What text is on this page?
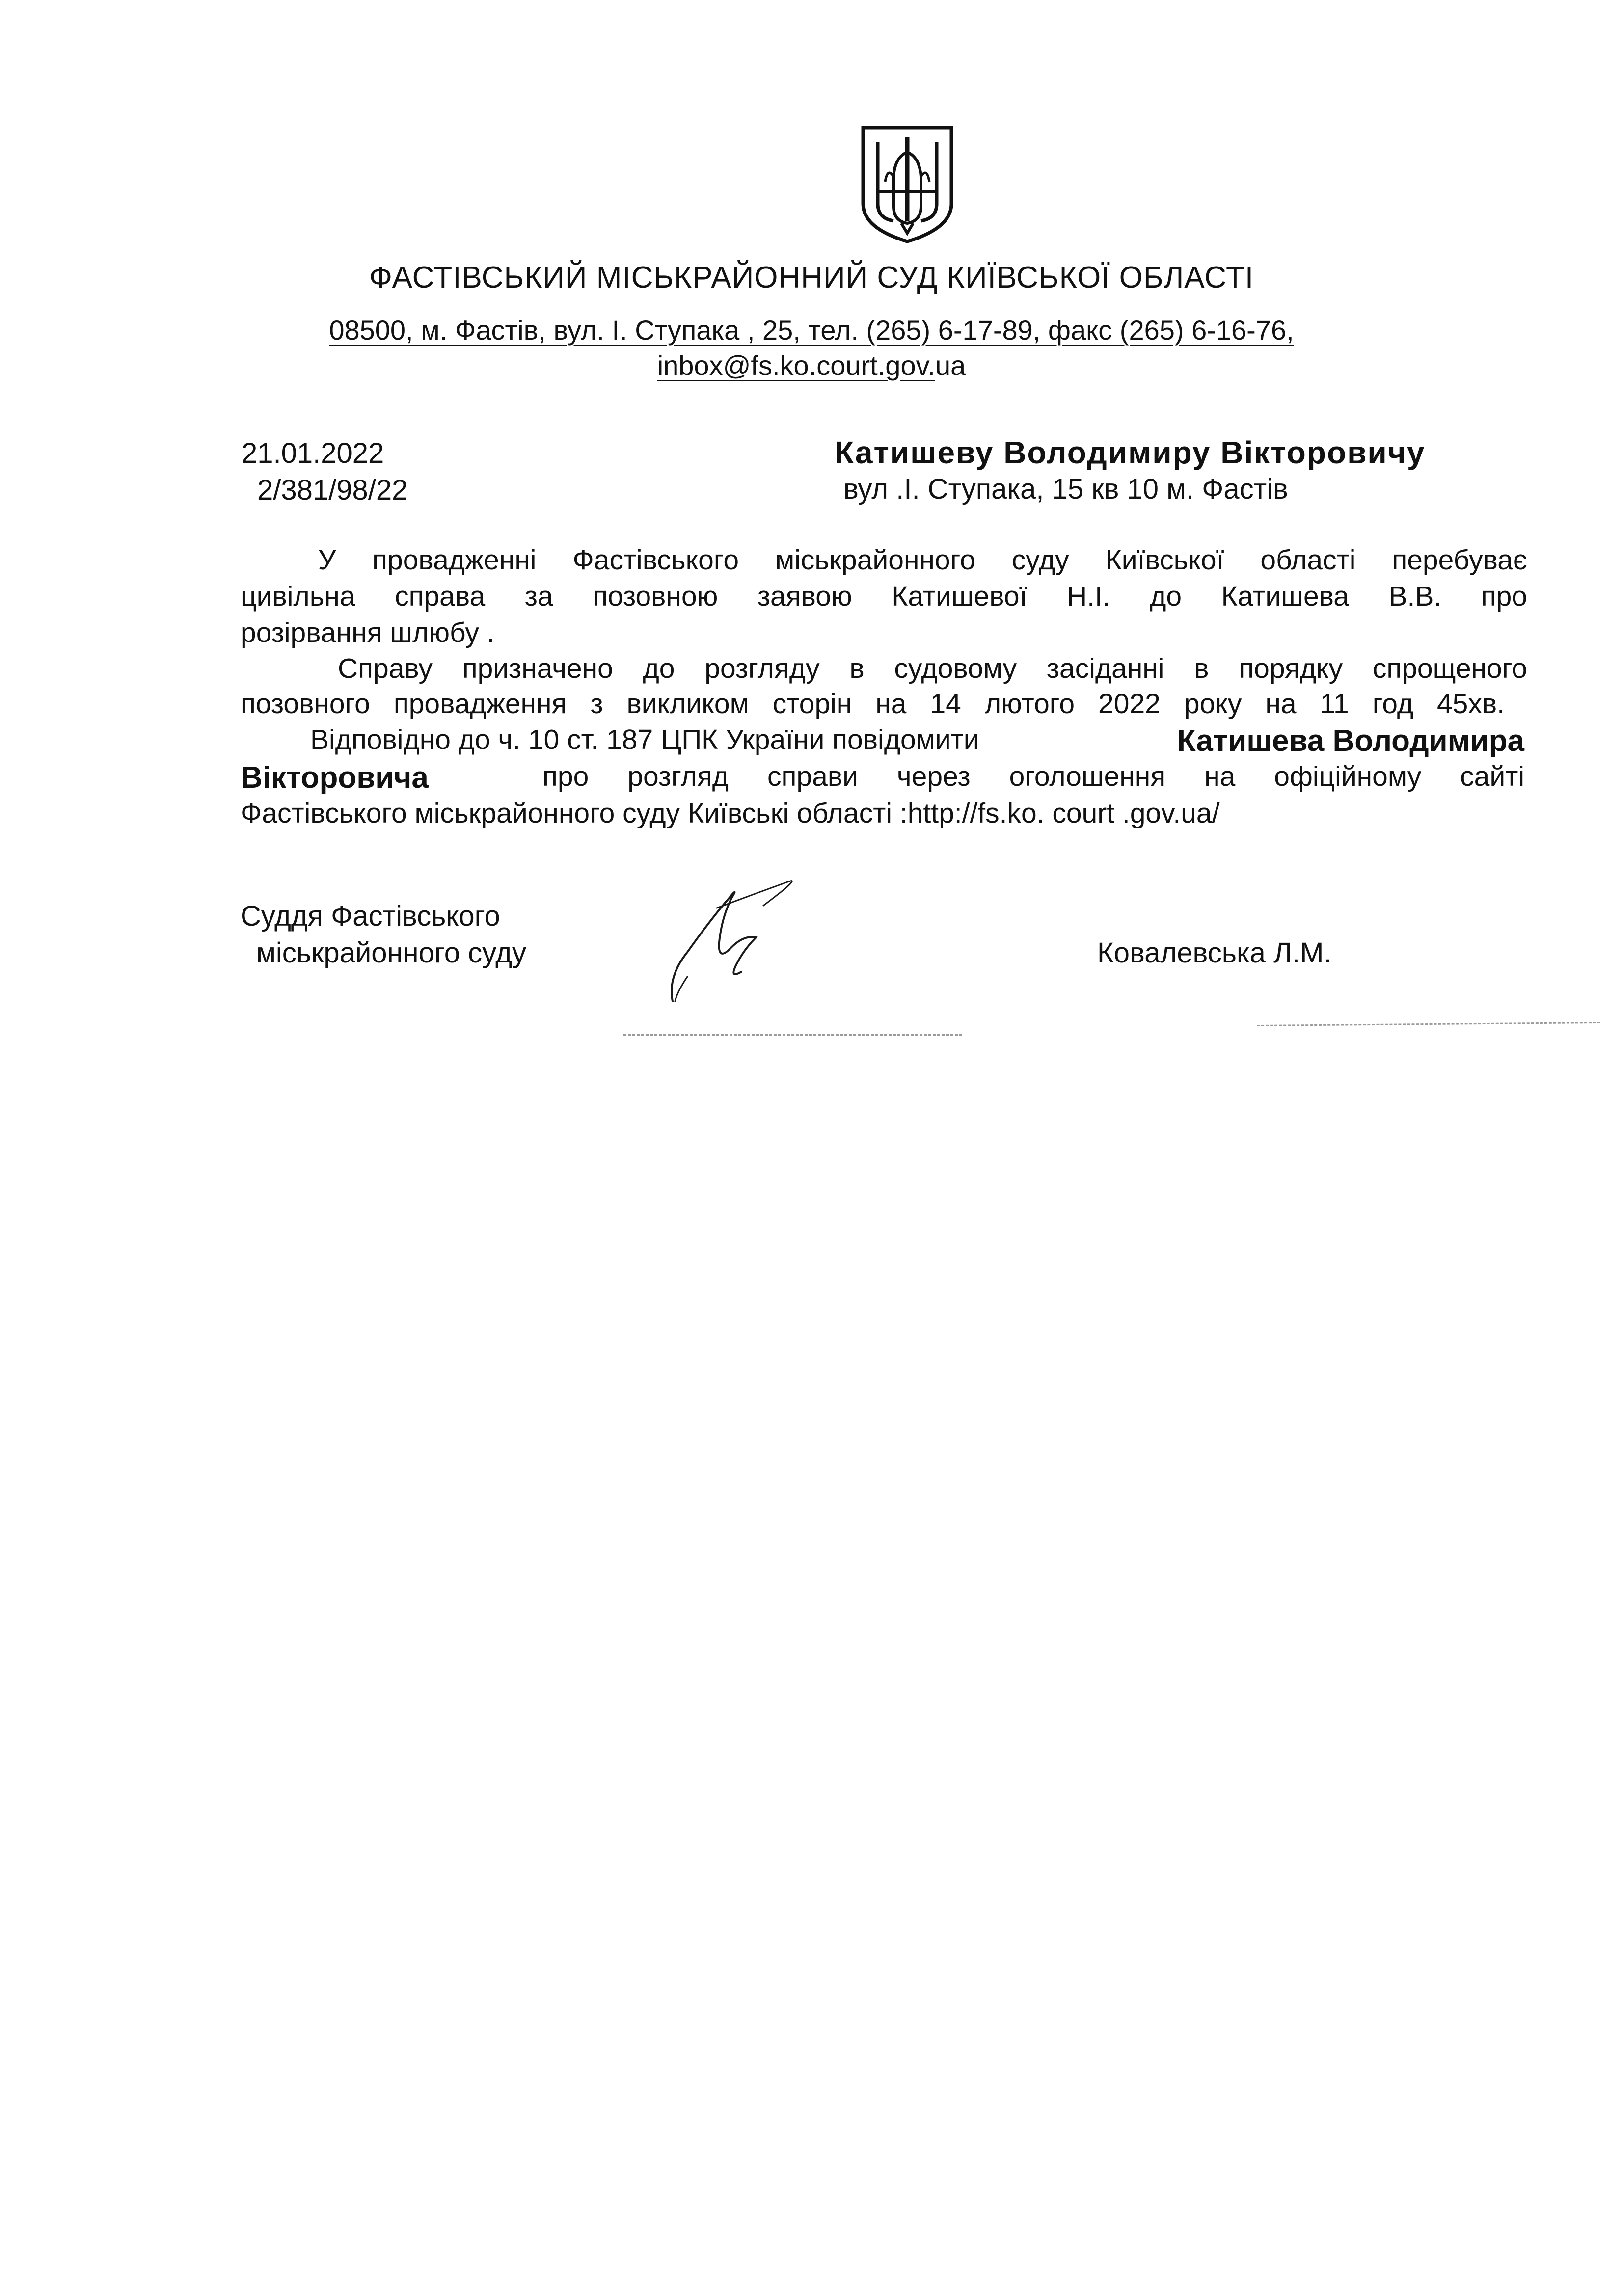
ФАСТІВСЬКИЙ МІСЬКРАЙОННИЙ СУД КИЇВСЬКОЇ ОБЛАСТІ
08500, м. Фастів, вул. І. Ступака , 25, тел. (265) 6-17-89, факс (265) 6-16-76,
inbox@fs.ko.court.gov.ua
21.01.2022
2/381/98/22
Катишеву Володимиру Вікторовичу
вул .І. Ступака, 15 кв 10 м. Фастів
У провадженні Фастівського міськрайонного суду Київської області перебуває
цивільна справа за позовною заявою Катишевої Н.І. до Катишева В.В. про
розірвання шлюбу .
Справу призначено до розгляду в судовому засіданні в порядку спрощеного
позовного провадження з викликом сторін на 14 лютого 2022 року на 11 год 45хв.
Відповідно до ч. 10 ст. 187 ЦПК України повідомити	Катишева Володимира
Вікторовича	про розгляд справи через оголошення на офіційному сайті
Фастівського міськрайонного суду Київські області :http://fs.ko. court .gov.ua/
Суддя Фастівського
міськрайонного суду	Ковалевська Л.М.
